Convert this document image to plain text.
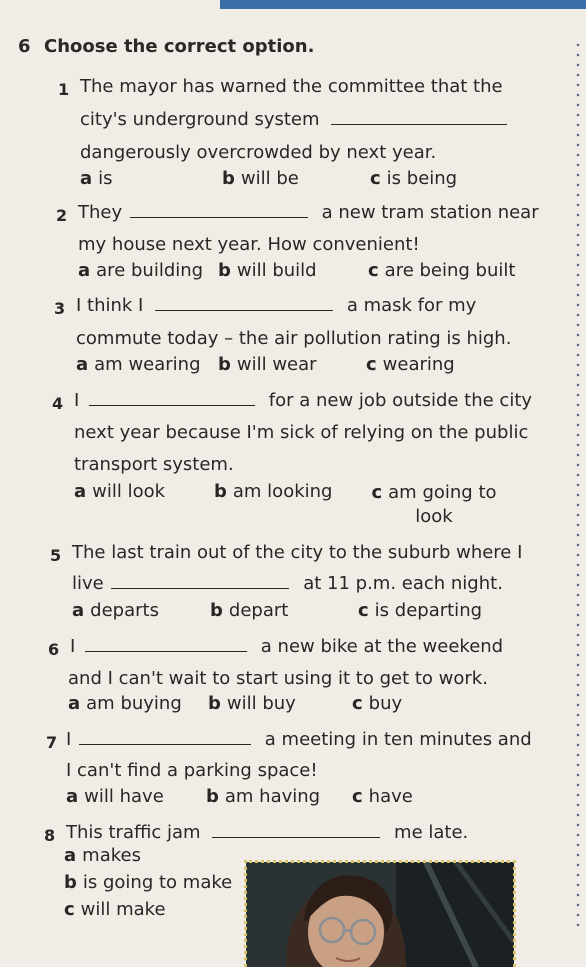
6 Choose the correct option.
1 The mayor has warned the committee that the
city's underground system
dangerously overcrowded by next year.
a is	b will be	c is being
2 They	a new tram station near
my house next year. How convenient!
a are building b will build	c are being built
3 I think I	a mask for my
commute today – the air pollution rating is high.
a am wearing b will wear	c wearing
4 I	for a new job outside the city
next year because I'm sick of relying on the public
transport system.
a will look	b am looking	c am going to look
5 The last train out of the city to the suburb where I
live	at 11 p.m. each night.
a departs	b depart	c is departing
6 I	a new bike at the weekend
and I can't wait to start using it to get to work.
a am buying b will buy	c buy
7 I	a meeting in ten minutes and
I can't find a parking space!
a will have b am having c have
8 This traffic jam	me late.
a makes
b is going to make
c will make
